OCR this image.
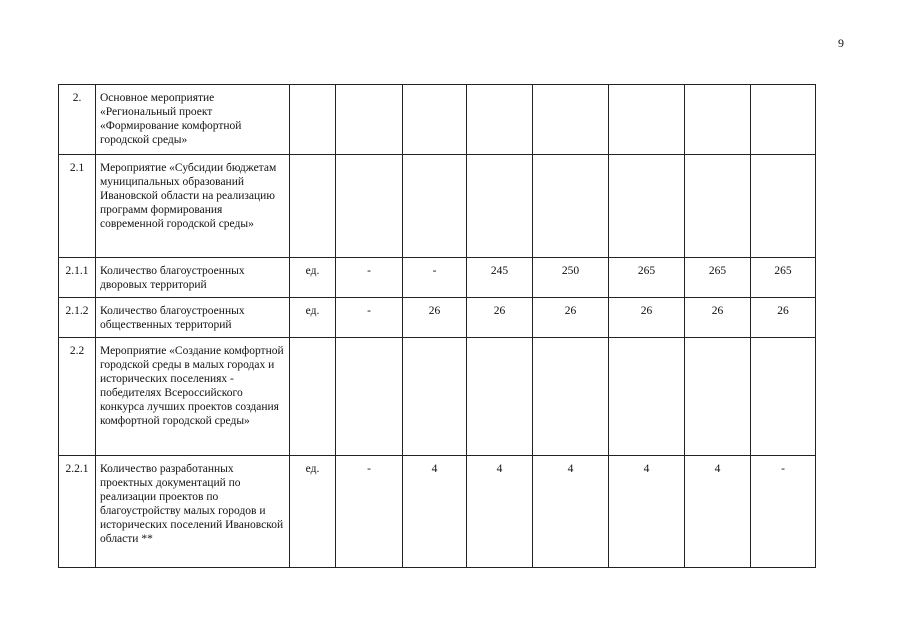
9
2.	Основное мероприятие «Региональный проект «Формирование комфортной городской среды»								
2.1	Мероприятие «Субсидии бюджетам муниципальных образований Ивановской области на реализацию программ формирования современной городской среды»								
2.1.1	Количество благоустроенных дворовых территорий	ед.	-	-	245	250	265	265	265
2.1.2	Количество благоустроенных общественных территорий	ед.	-	26	26	26	26	26	26
2.2	Мероприятие «Создание комфортной городской среды в малых городах и исторических поселениях - победителях Всероссийского конкурса лучших проектов создания комфортной городской среды»								
2.2.1	Количество разработанных проектных документаций по реализации проектов по благоустройству малых городов и исторических поселений Ивановской области **	ед.	-	4	4	4	4	4	-
